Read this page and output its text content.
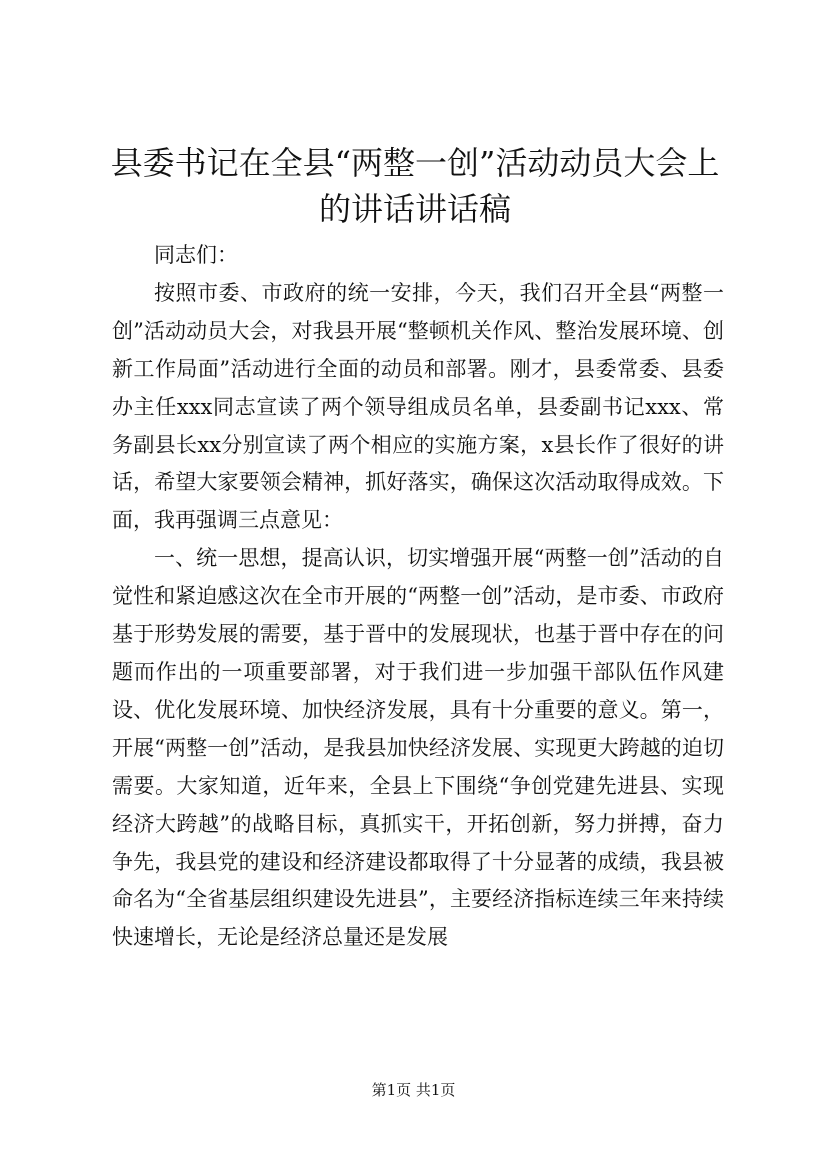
县委书记在全县“两整一创”活动动员大会上的讲话讲话稿

同志们：

按照市委、市政府的统一安排，今天，我们召开全县“两整一创”活动动员大会，对我县开展“整顿机关作风、整治发展环境、创新工作局面”活动进行全面的动员和部署。刚才，县委常委、县委办主任xxx同志宣读了两个领导组成员名单，县委副书记xxx、常务副县长xx分别宣读了两个相应的实施方案，x县长作了很好的讲话，希望大家要领会精神，抓好落实，确保这次活动取得成效。下面，我再强调三点意见：

一、统一思想，提高认识，切实增强开展“两整一创”活动的自觉性和紧迫感这次在全市开展的“两整一创”活动，是市委、市政府基于形势发展的需要，基于晋中的发展现状，也基于晋中存在的问题而作出的一项重要部署，对于我们进一步加强干部队伍作风建设、优化发展环境、加快经济发展，具有十分重要的意义。第一，开展“两整一创”活动，是我县加快经济发展、实现更大跨越的迫切需要。大家知道，近年来，全县上下围绕“争创党建先进县、实现经济大跨越”的战略目标，真抓实干，开拓创新，努力拼搏，奋力争先，我县党的建设和经济建设都取得了十分显著的成绩，我县被命名为“全省基层组织建设先进县”，主要经济指标连续三年来持续快速增长，无论是经济总量还是发展

第1页 共1页
